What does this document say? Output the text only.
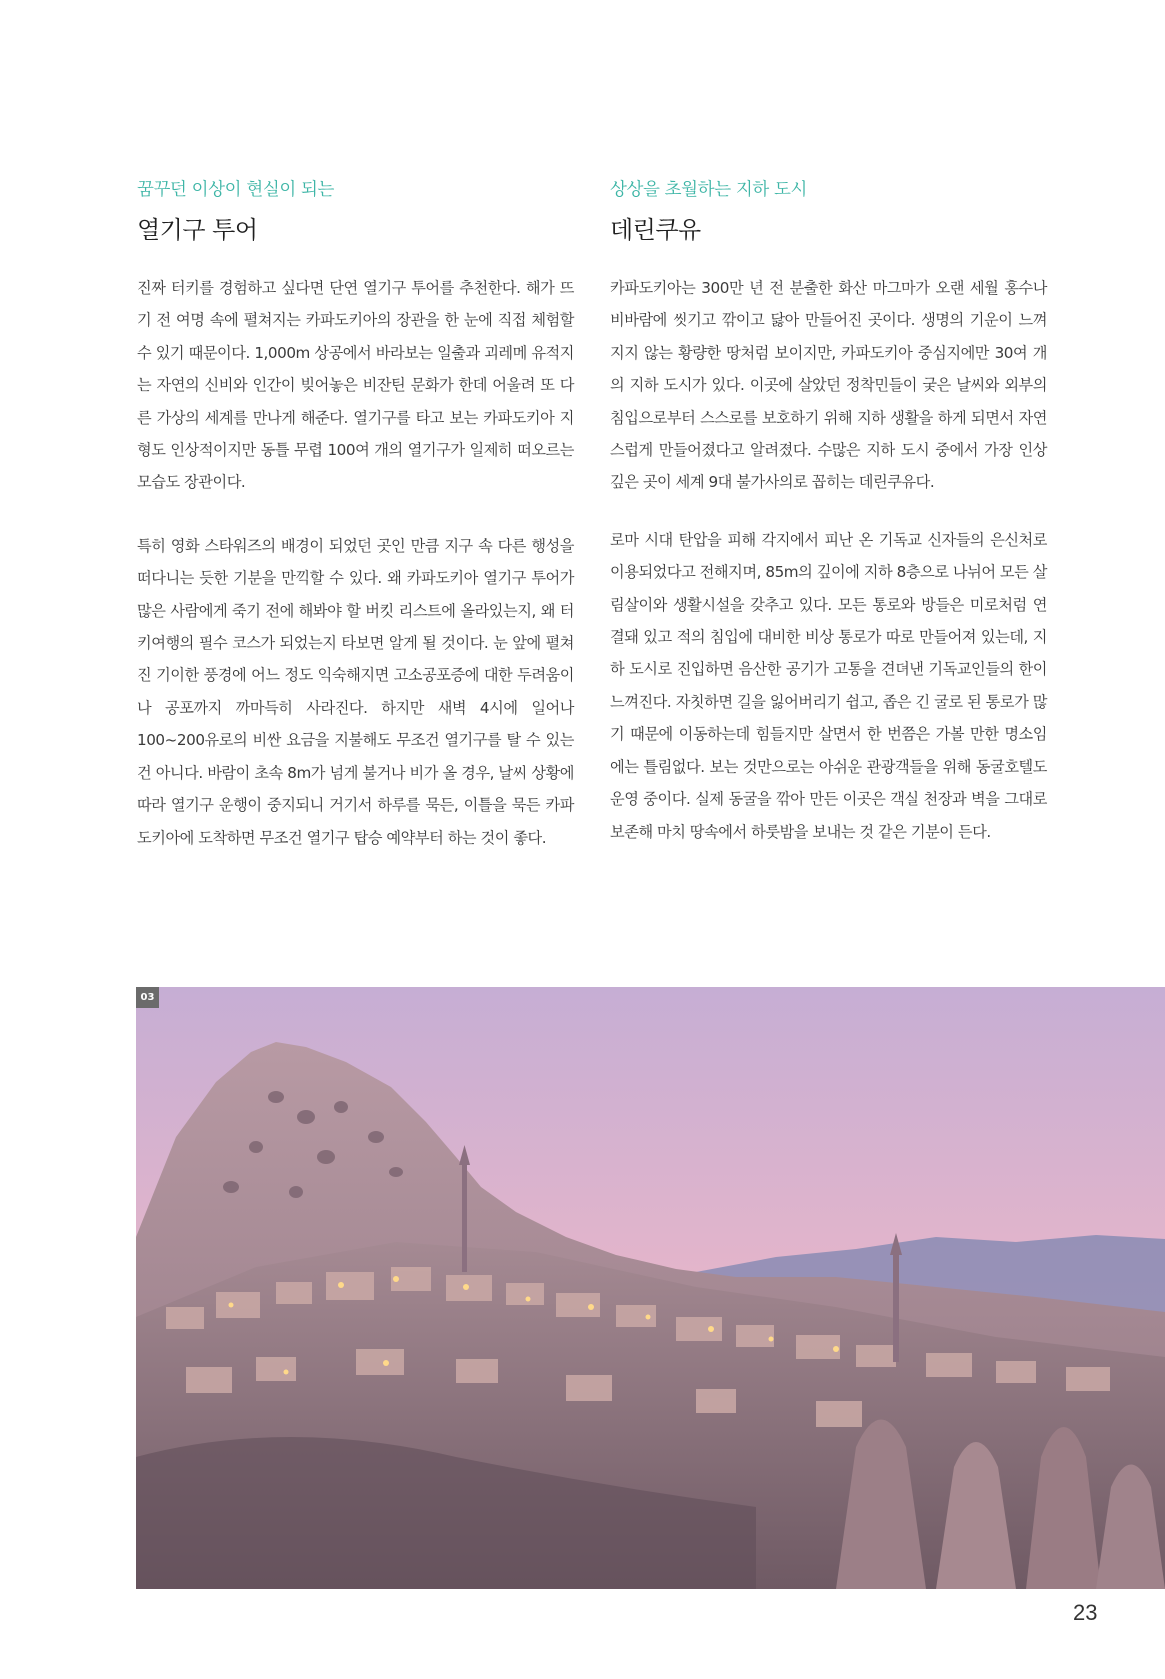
꿈꾸던 이상이 현실이 되는

열기구 투어

진짜 터키를 경험하고 싶다면 단연 열기구 투어를 추천한다. 해가 뜨기 전 여명 속에 펼쳐지는 카파도키아의 장관을 한 눈에 직접 체험할 수 있기 때문이다. 1,000m 상공에서 바라보는 일출과 괴레메 유적지는 자연의 신비와 인간이 빚어놓은 비잔틴 문화가 한데 어울려 또 다른 가상의 세계를 만나게 해준다. 열기구를 타고 보는 카파도키아 지형도 인상적이지만 동틀 무렵 100여 개의 열기구가 일제히 떠오르는 모습도 장관이다.

특히 영화 스타워즈의 배경이 되었던 곳인 만큼 지구 속 다른 행성을 떠다니는 듯한 기분을 만끽할 수 있다. 왜 카파도키아 열기구 투어가 많은 사람에게 죽기 전에 해봐야 할 버킷 리스트에 올라있는지, 왜 터키여행의 필수 코스가 되었는지 타보면 알게 될 것이다. 눈 앞에 펼쳐진 기이한 풍경에 어느 정도 익숙해지면 고소공포증에 대한 두려움이나 공포까지 까마득히 사라진다. 하지만 새벽 4시에 일어나 100~200유로의 비싼 요금을 지불해도 무조건 열기구를 탈 수 있는 건 아니다. 바람이 초속 8m가 넘게 불거나 비가 올 경우, 날씨 상황에 따라 열기구 운행이 중지되니 거기서 하루를 묵든, 이틀을 묵든 카파도키아에 도착하면 무조건 열기구 탑승 예약부터 하는 것이 좋다.

상상을 초월하는 지하 도시

데린쿠유

카파도키아는 300만 년 전 분출한 화산 마그마가 오랜 세월 홍수나 비바람에 씻기고 깎이고 닳아 만들어진 곳이다. 생명의 기운이 느껴지지 않는 황량한 땅처럼 보이지만, 카파도키아 중심지에만 30여 개의 지하 도시가 있다. 이곳에 살았던 정착민들이 궂은 날씨와 외부의 침입으로부터 스스로를 보호하기 위해 지하 생활을 하게 되면서 자연스럽게 만들어졌다고 알려졌다. 수많은 지하 도시 중에서 가장 인상 깊은 곳이 세계 9대 불가사의로 꼽히는 데린쿠유다.

로마 시대 탄압을 피해 각지에서 피난 온 기독교 신자들의 은신처로 이용되었다고 전해지며, 85m의 깊이에 지하 8층으로 나뉘어 모든 살림살이와 생활시설을 갖추고 있다. 모든 통로와 방들은 미로처럼 연결돼 있고 적의 침입에 대비한 비상 통로가 따로 만들어져 있는데, 지하 도시로 진입하면 음산한 공기가 고통을 견뎌낸 기독교인들의 한이 느껴진다. 자칫하면 길을 잃어버리기 쉽고, 좁은 긴 굴로 된 통로가 많기 때문에 이동하는데 힘들지만 살면서 한 번쯤은 가볼 만한 명소임에는 틀림없다. 보는 것만으로는 아쉬운 관광객들을 위해 동굴호텔도 운영 중이다. 실제 동굴을 깎아 만든 이곳은 객실 천장과 벽을 그대로 보존해 마치 땅속에서 하룻밤을 보내는 것 같은 기분이 든다.

03
23
